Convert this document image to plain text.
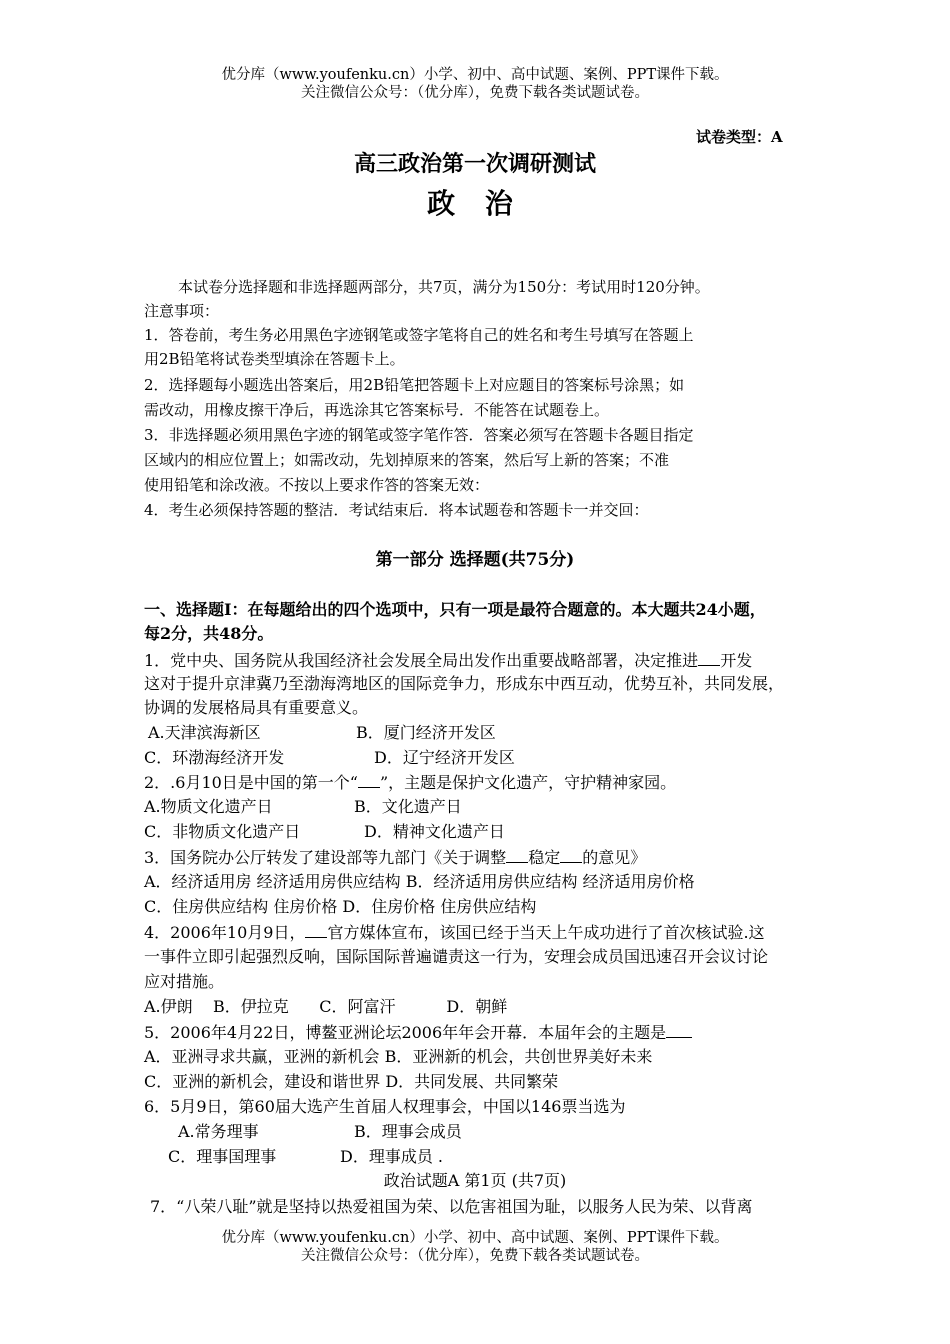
优分库（www.youfenku.cn）小学、初中、高中试题、案例、PPT课件下载。
关注微信公众号：（优分库），免费下载各类试题试卷。
试卷类型：A
高三政治第一次调研测试
政 治
本试卷分选择题和非选择题两部分，共7页，满分为150分：考试用时120分钟。
注意事项：
1．答卷前，考生务必用黑色字迹钢笔或签字笔将自己的姓名和考生号填写在答题上
用2B铅笔将试卷类型填涂在答题卡上。
2．选择题每小题选出答案后，用2B铅笔把答题卡上对应题目的答案标号涂黑；如
需改动，用橡皮擦干净后，再选涂其它答案标号．不能答在试题卷上。
3．非选择题必须用黑色字迹的钢笔或签字笔作答．答案必须写在答题卡各题目指定
区域内的相应位置上；如需改动，先划掉原来的答案，然后写上新的答案；不准
使用铅笔和涂改液。不按以上要求作答的答案无效：
4．考生必须保持答题的整洁．考试结束后．将本试题卷和答题卡一并交回：
第一部分 选择题(共75分)
一、选择题I：在每题给出的四个选项中，只有一项是最符合题意的。本大题共24小题，
每2分，共48分。
1．党中央、国务院从我国经济社会发展全局出发作出重要战略部署，决定推进 开发
这对于提升京津冀乃至渤海湾地区的国际竞争力，形成东中西互动，优势互补，共同发展，
协调的发展格局具有重要意义。
A.天津滨海新区	B．厦门经济开发区
C．环渤海经济开发	D．辽宁经济开发区
2．.6月10日是中国的第一个“ ”，主题是保护文化遗产，守护精神家园。
A.物质文化遗产日	B．文化遗产日
C．非物质文化遗产日	D．精神文化遗产日
3．国务院办公厅转发了建设部等九部门《关于调整 稳定 的意见》
A．经济适用房 经济适用房供应结构 B．经济适用房供应结构 经济适用房价格
C．住房供应结构 住房价格 D．住房价格 住房供应结构
4．2006年10月9日， 官方媒体宣布，该国已经于当天上午成功进行了首次核试验.这
一事件立即引起强烈反响，国际国际普遍谴责这一行为，安理会成员国迅速召开会议讨论
应对措施。
A.伊朗    B．伊拉克      C．阿富汗          D．朝鲜
5．2006年4月22日，博鳌亚洲论坛2006年年会开幕．本届年会的主题是
A．亚洲寻求共赢，亚洲的新机会 B．亚洲新的机会，共创世界美好未来
C．亚洲的新机会，建设和谐世界 D．共同发展、共同繁荣
6．5月9日，第60届大选产生首届人权理事会，中国以146票当选为
A.常务理事	B．理事会成员
C．理事国理事	D．理事成员 .
政治试题A 第1页 (共7页)
7．“八荣八耻”就是坚持以热爱祖国为荣、以危害祖国为耻，以服务人民为荣、以背离
优分库（www.youfenku.cn）小学、初中、高中试题、案例、PPT课件下载。
关注微信公众号：（优分库），免费下载各类试题试卷。
